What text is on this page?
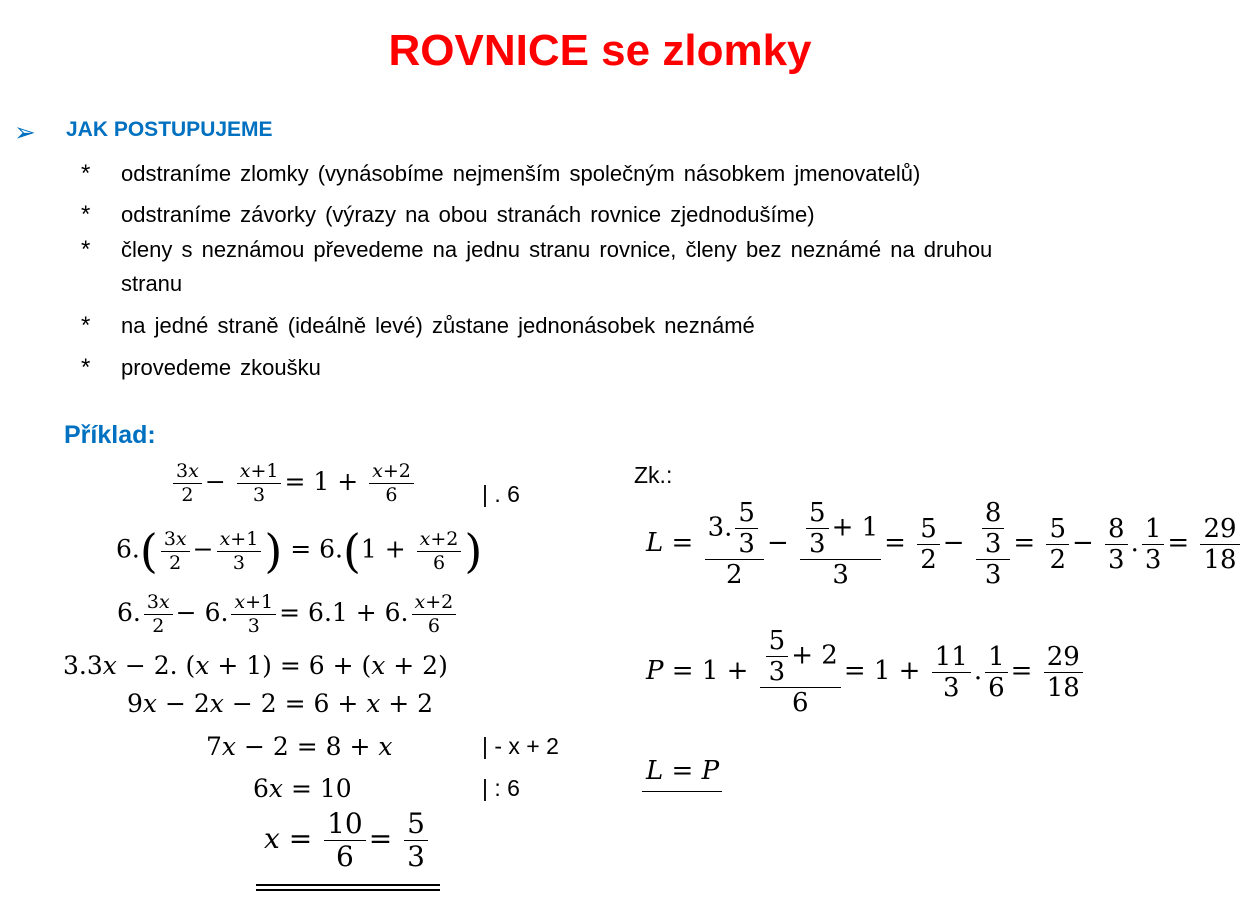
ROVNICE se zlomky
➢ JAK POSTUPUJEME
* odstraníme zlomky (vynásobíme nejmenším společným násobkem jmenovatelů)
* odstraníme závorky (výrazy na obou stranách rovnice zjednodušíme)
* členy s neznámou převedeme na jednu stranu rovnice, členy bez neznámé na druhou
stranu
* na jedné straně (ideálně levé) zůstane jednonásobek neznámé
* provedeme zkoušku
Příklad:
$\frac{3x}{2} - \frac{x+1}{3} = 1 + \frac{x+2}{6}$	| . 6
$6.( \frac{3x}{2} - \frac{x+1}{3}$ ) = $6.(1 + \frac{x+2}{6}$ )
6. $\frac{3x}{2} - 6$. $\frac{x+1}{3} = 6.1 + 6$. $\frac{x+2}{6}$
3.3x − 2. (x + 1) = 6 + (x + 2)
9x − 2x − 2 = 6 + x + 2
7x − 2 = 8 + x	| - x + 2
6x = 10	| : 6
$x = \frac{10}{6} = \frac{5}{3}$
Zk.:
$L = \frac{3. \frac{5}{3}}{2} - \frac{\frac{5}{3} + 1}{3} = \frac{5}{2} - \frac{\frac{8}{3}}{3} = \frac{5}{2} - \frac{8}{3}$ . $\frac{1}{3} = \frac{29}{18}$
$P = 1 + \frac{\frac{5}{3} + 2}{6} = 1 + \frac{11}{3}$ . $\frac{1}{6} = \frac{29}{18}$
L = P
